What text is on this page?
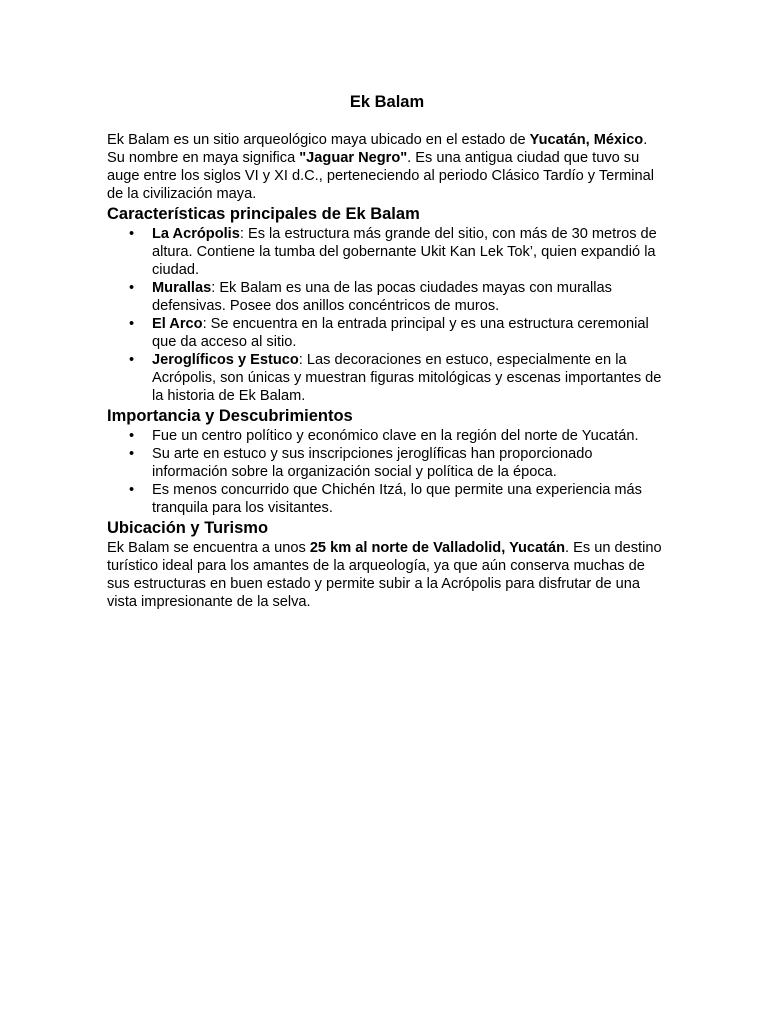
Ek Balam

Ek Balam es un sitio arqueológico maya ubicado en el estado de Yucatán, México. Su nombre en maya significa "Jaguar Negro". Es una antigua ciudad que tuvo su auge entre los siglos VI y XI d.C., perteneciendo al periodo Clásico Tardío y Terminal de la civilización maya.

Características principales de Ek Balam
• La Acrópolis: Es la estructura más grande del sitio, con más de 30 metros de altura. Contiene la tumba del gobernante Ukit Kan Lek Tok’, quien expandió la ciudad.
• Murallas: Ek Balam es una de las pocas ciudades mayas con murallas defensivas. Posee dos anillos concéntricos de muros.
• El Arco: Se encuentra en la entrada principal y es una estructura ceremonial que da acceso al sitio.
• Jeroglíficos y Estuco: Las decoraciones en estuco, especialmente en la Acrópolis, son únicas y muestran figuras mitológicas y escenas importantes de la historia de Ek Balam.
Importancia y Descubrimientos
• Fue un centro político y económico clave en la región del norte de Yucatán.
• Su arte en estuco y sus inscripciones jeroglíficas han proporcionado información sobre la organización social y política de la época.
• Es menos concurrido que Chichén Itzá, lo que permite una experiencia más tranquila para los visitantes.
Ubicación y Turismo

Ek Balam se encuentra a unos 25 km al norte de Valladolid, Yucatán. Es un destino turístico ideal para los amantes de la arqueología, ya que aún conserva muchas de sus estructuras en buen estado y permite subir a la Acrópolis para disfrutar de una vista impresionante de la selva.
